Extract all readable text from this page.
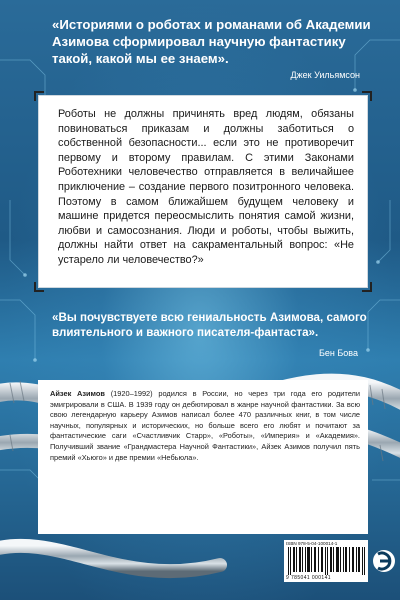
«Историями о роботах и романами об Академии Азимова сформировал научную фантастику такой, какой мы ее знаем».
Джек Уильямсон
Роботы не должны причинять вред людям, обязаны повиноваться приказам и должны заботиться о собственной безопасности... если это не противоречит первому и второму правилам. С этими Законами Роботехники человечество отправляется в величайшее приключение – создание первого позитронного человека. Поэтому в самом ближайшем будущем человеку и машине придется переосмыслить понятия самой жизни, любви и самосознания. Люди и роботы, чтобы выжить, должны найти ответ на сакраментальный вопрос: «Не устарело ли человечество?»
«Вы почувствуете всю гениальность Азимова, самого влиятельного и важного писателя-фантаста».
Бен Бова
Айзек Азимов (1920–1992) родился в России, но через три года его родители эмигрировали в США. В 1939 году он дебютировал в жанре научной фантастики. За всю свою легендарную карьеру Азимов написал более 470 различных книг, в том числе научных, популярных и исторических, но больше всего его любят и почитают за фантастические саги «Счастливчик Старр», «Роботы», «Империя» и «Академия». Получивший звание «Грандмастера Научной Фантастики», Айзек Азимов получил пять премий «Хьюго» и две премии «Небьюла».
ISBN 978-5-04-100014-1
9 785041 000141
